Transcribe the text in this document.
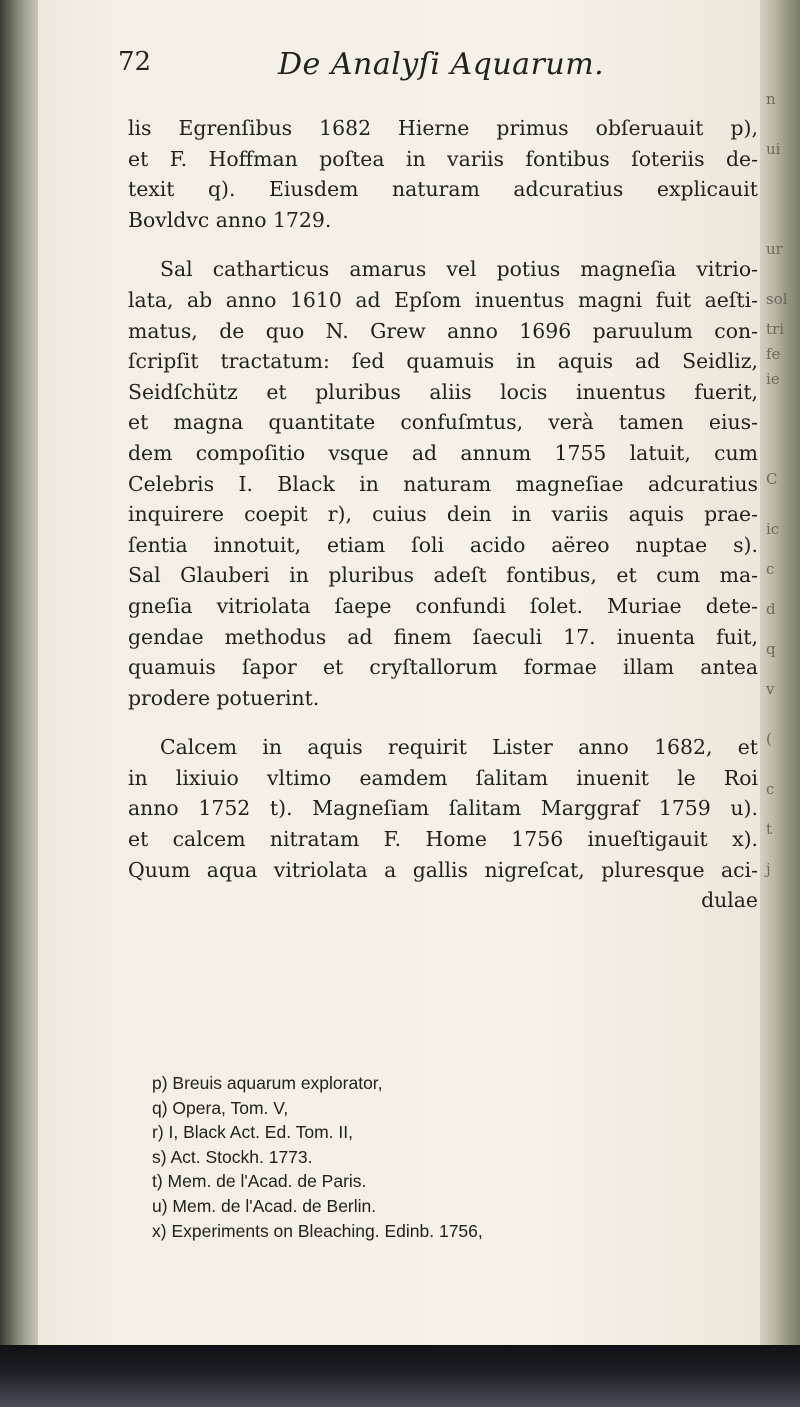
n
ui
ur
sol
tri
fe
ie
C
ic
c
d
q
v
(
c
t
j
72	De Analyſi Aquarum.

lis Egrenſibus 1682 Hierne primus obſeruauit p),

et F. Hoffman poſtea in variis fontibus ſoteriis de-

texit q). Eiusdem naturam adcuratius explicauit

Bovldvc anno 1729.

Sal catharticus amarus vel potius magneſia vitrio-

lata, ab anno 1610 ad Epſom inuentus magni fuit aeſti-

matus, de quo N. Grew anno 1696 paruulum con-

ſcripſit tractatum: ſed quamuis in aquis ad Seidliz,

Seidſchütz et pluribus aliis locis inuentus fuerit,

et magna quantitate confuſmtus, verà tamen eius-

dem compoſitio vsque ad annum 1755 latuit, cum

Celebris I. Black in naturam magneſiae adcuratius

inquirere coepit r), cuius dein in variis aquis prae-

ſentia innotuit, etiam ſoli acido aëreo nuptae s).

Sal Glauberi in pluribus adeſt fontibus, et cum ma-

gneſia vitriolata ſaepe confundi ſolet. Muriae dete-

gendae methodus ad finem ſaeculi 17. inuenta fuit,

quamuis ſapor et cryſtallorum formae illam antea

prodere potuerint.

Calcem in aquis requirit Lister anno 1682, et

in lixiuio vltimo eamdem ſalitam inuenit le Roi

anno 1752 t). Magneſiam ſalitam Marggraf 1759 u).

et calcem nitratam F. Home 1756 inueſtigauit x).

Quum aqua vitriolata a gallis nigreſcat, pluresque aci-

dulae

p) Breuis aquarum explorator,
q) Opera, Tom. V,
r) I, Black Act. Ed. Tom. II,
s) Act. Stockh. 1773.
t) Mem. de l'Acad. de Paris.
u) Mem. de l'Acad. de Berlin.
x) Experiments on Bleaching. Edinb. 1756,
